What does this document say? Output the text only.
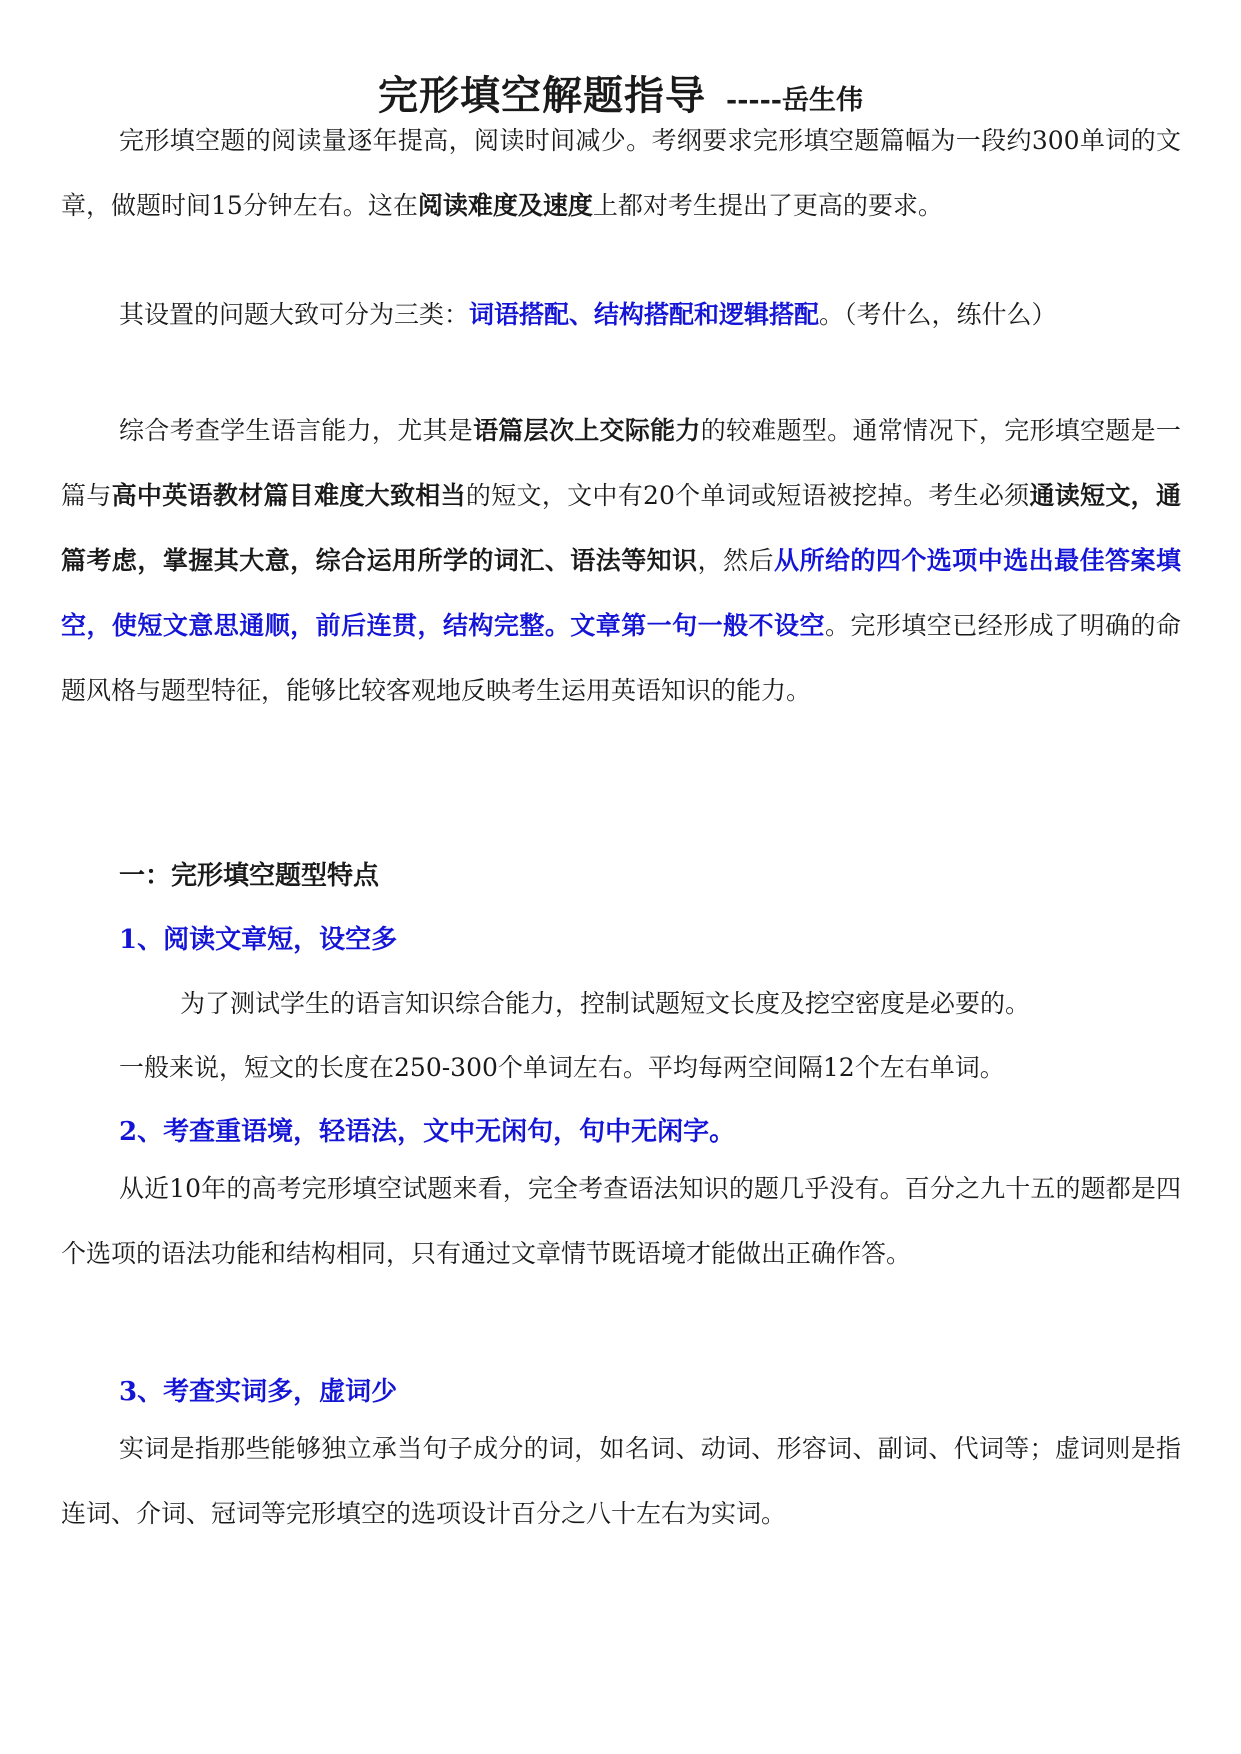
完形填空解题指导 -----岳生伟
完形填空题的阅读量逐年提高，阅读时间减少。考纲要求完形填空题篇幅为一段约300单词的文章，做题时间15分钟左右。这在阅读难度及速度上都对考生提出了更高的要求。
其设置的问题大致可分为三类：词语搭配、结构搭配和逻辑搭配。（考什么，练什么）
综合考查学生语言能力，尤其是语篇层次上交际能力的较难题型。通常情况下，完形填空题是一篇与高中英语教材篇目难度大致相当的短文，文中有20个单词或短语被挖掉。考生必须通读短文，通篇考虑，掌握其大意，综合运用所学的词汇、语法等知识，然后从所给的四个选项中选出最佳答案填空，使短文意思通顺，前后连贯，结构完整。文章第一句一般不设空。完形填空已经形成了明确的命题风格与题型特征，能够比较客观地反映考生运用英语知识的能力。
一：完形填空题型特点
1、阅读文章短，设空多
为了测试学生的语言知识综合能力，控制试题短文长度及挖空密度是必要的。
一般来说，短文的长度在250-300个单词左右。平均每两空间隔12个左右单词。
2、考查重语境，轻语法，文中无闲句，句中无闲字。
从近10年的高考完形填空试题来看，完全考查语法知识的题几乎没有。百分之九十五的题都是四个选项的语法功能和结构相同，只有通过文章情节既语境才能做出正确作答。
3、考查实词多，虚词少
实词是指那些能够独立承当句子成分的词，如名词、动词、形容词、副词、代词等；虚词则是指连词、介词、冠词等完形填空的选项设计百分之八十左右为实词。
